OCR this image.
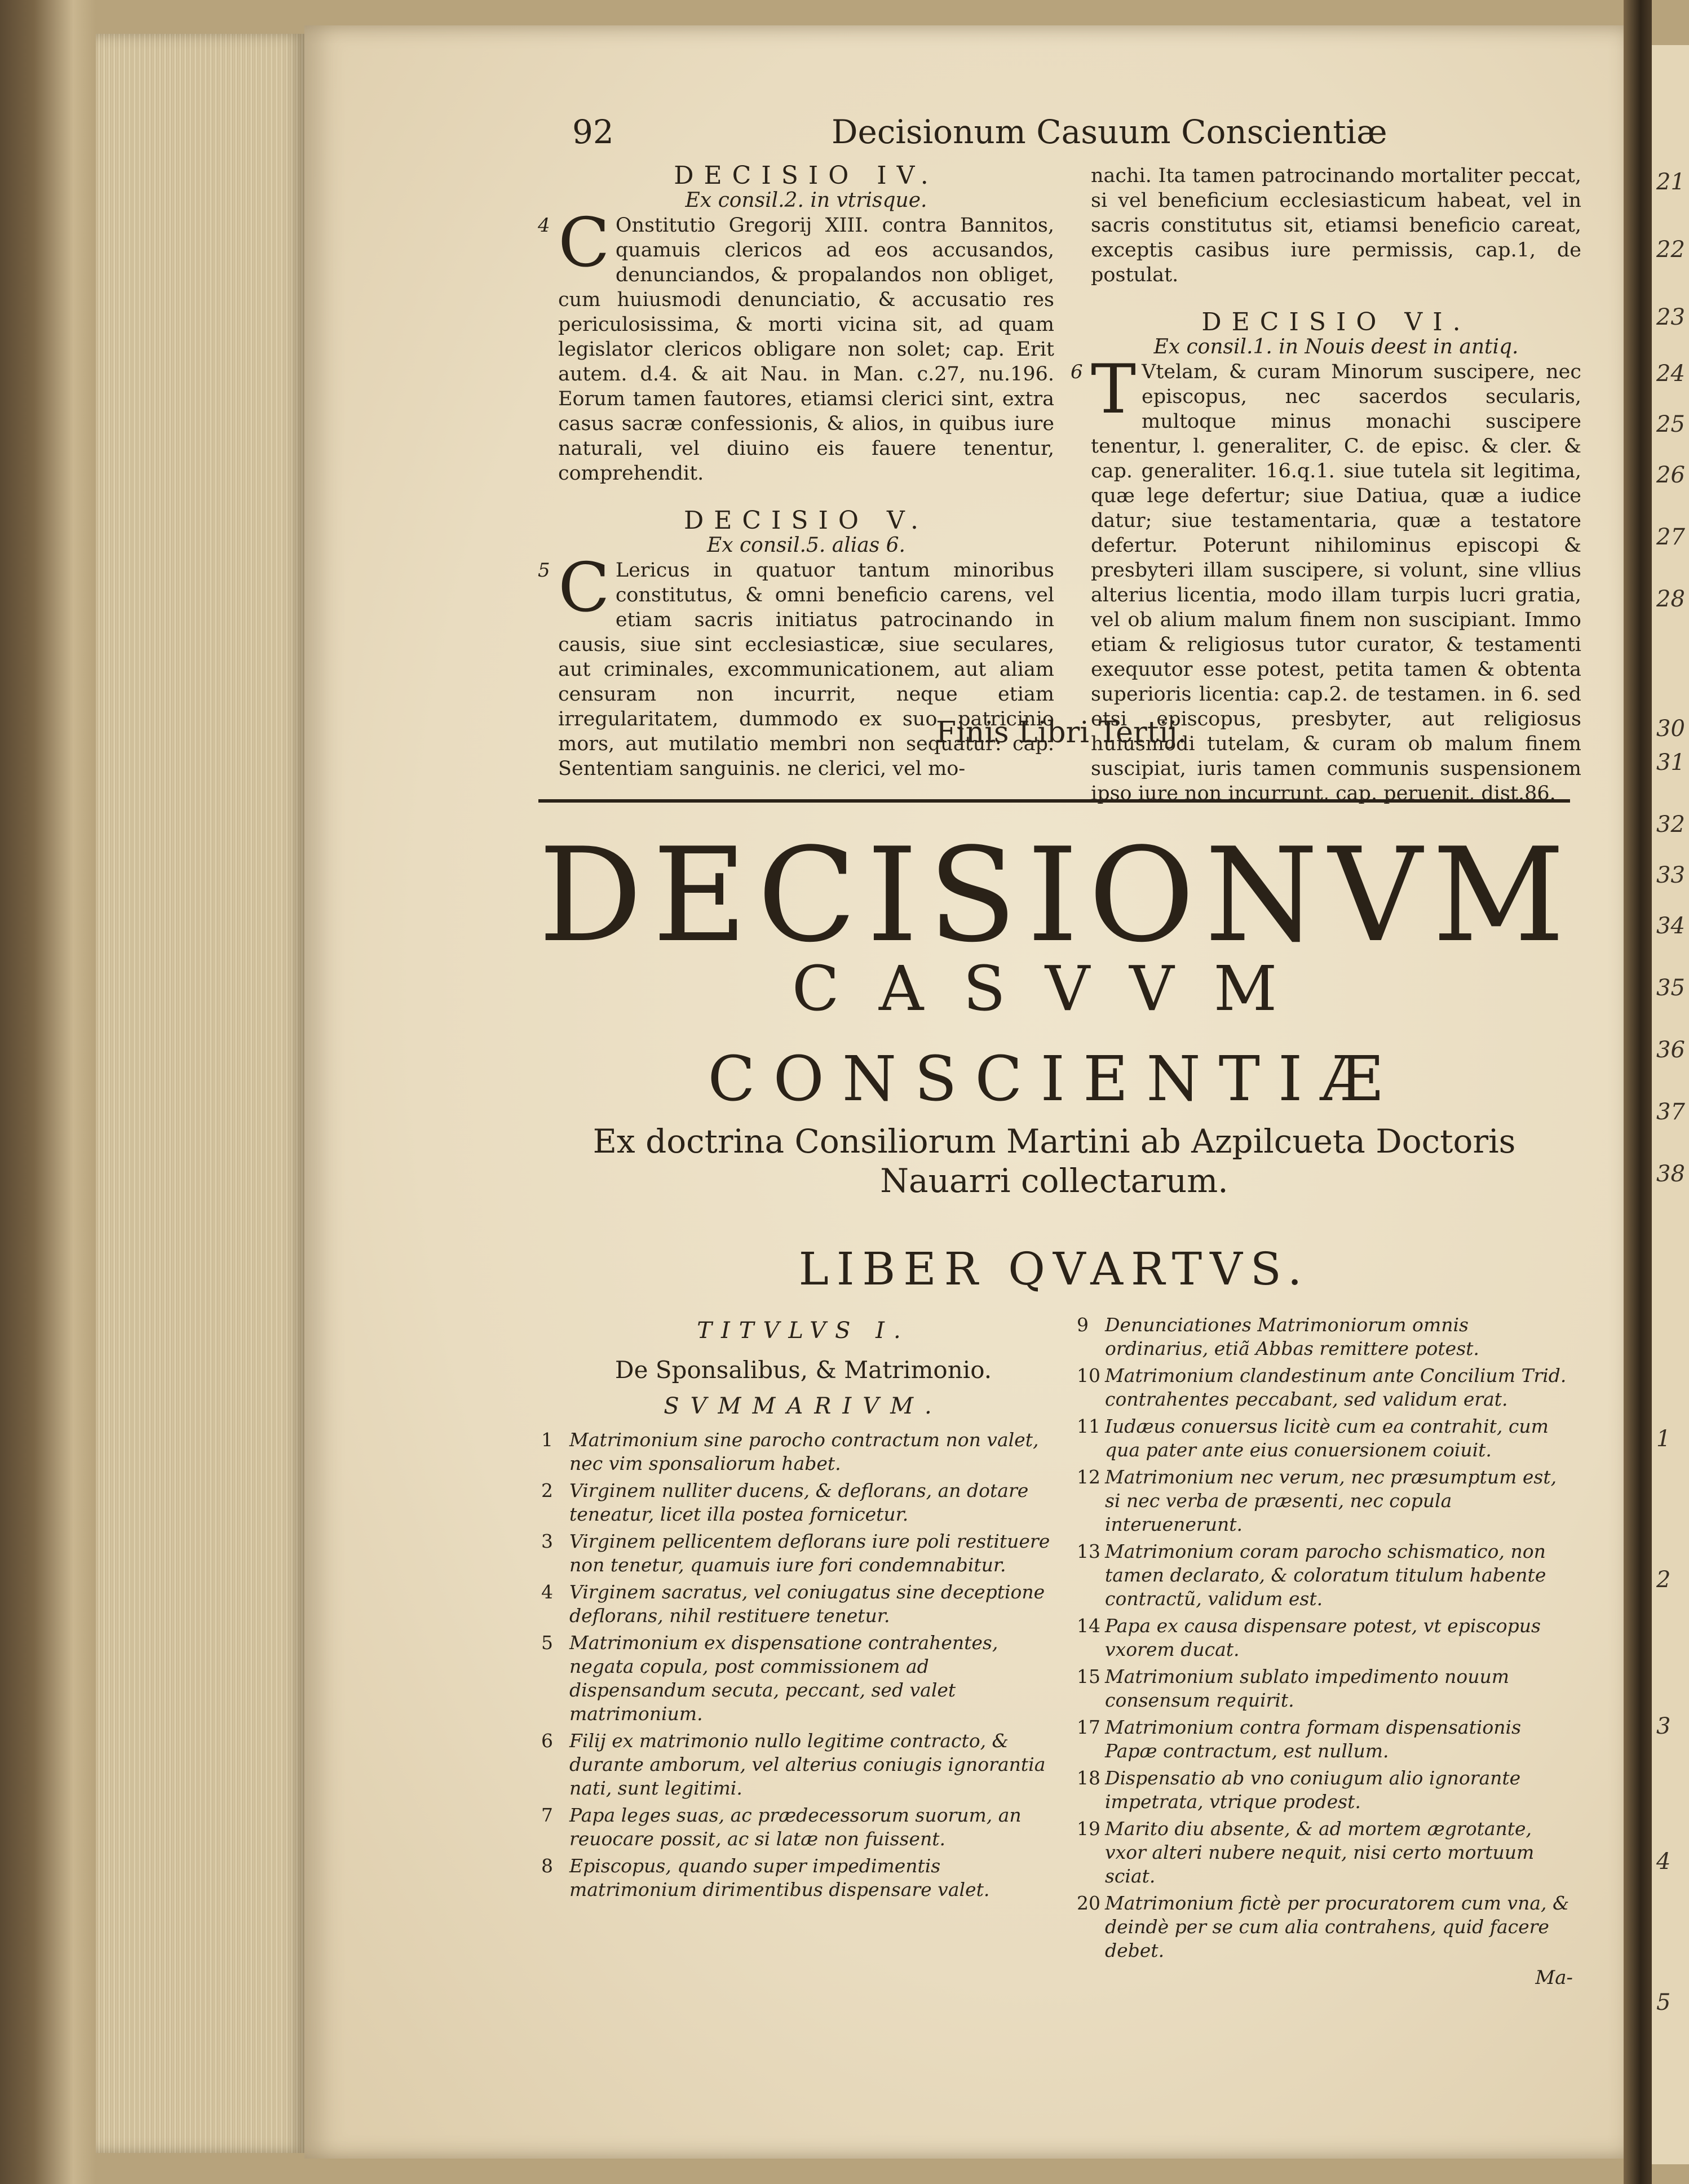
21
22
23
24
25
26
27
28
30
31
32
33
34
35
36
37
38
1
2
3
4
5
92	Decisionum Casuum Conscientiæ

DECISIO IV.

Ex consil.2. in vtrisque.

4 C Onstitutio Gregorij XIII. contra Bannitos, quamuis clericos ad eos accusandos, denunciandos, & propalandos non obliget, cum huiusmodi denunciatio, & accusatio res periculosissima, & morti vicina sit, ad quam legislator clericos obligare non solet; cap. Erit autem. d.4. & ait Nau. in Man. c.27, nu.196. Eorum tamen fautores, etiamsi clerici sint, extra casus sacræ confessionis, & alios, in quibus iure naturali, vel diuino eis fauere tenentur, comprehendit.

DECISIO V.

Ex consil.5. alias 6.

5 C Lericus in quatuor tantum minoribus constitutus, & omni beneficio carens, vel etiam sacris initiatus patrocinando in causis, siue sint ecclesiasticæ, siue seculares, aut criminales, excommunicationem, aut aliam censuram non incurrit, neque etiam irregularitatem, dummodo ex suo patricinio mors, aut mutilatio membri non sequatur: cap. Sententiam sanguinis. ne clerici, vel mo-

nachi. Ita tamen patrocinando mortaliter peccat, si vel beneficium ecclesiasticum habeat, vel in sacris constitutus sit, etiamsi beneficio careat, exceptis casibus iure permissis, cap.1, de postulat.

DECISIO VI.

Ex consil.1. in Nouis deest in antiq.

6 T Vtelam, & curam Minorum suscipere, nec episcopus, nec sacerdos secularis, multoque minus monachi suscipere tenentur, l. generaliter, C. de episc. & cler. & cap. generaliter. 16.q.1. siue tutela sit legitima, quæ lege defertur; siue Datiua, quæ a iudice datur; siue testamentaria, quæ a testatore defertur. Poterunt nihilominus episcopi & presbyteri illam suscipere, si volunt, sine vllius alterius licentia, modo illam turpis lucri gratia, vel ob alium malum finem non suscipiant. Immo etiam & religiosus tutor curator, & testamenti exequutor esse potest, petita tamen & obtenta superioris licentia: cap.2. de testamen. in 6. sed etsi episcopus, presbyter, aut religiosus huiusmodi tutelam, & curam ob malum finem suscipiat, iuris tamen communis suspensionem ipso iure non incurrunt, cap. peruenit, dist.86.

Finis Libri Tertij.
DECISIONVM
CASVVM
CONSCIENTIÆ
Ex doctrina Consiliorum Martini ab Azpilcueta Doctoris Nauarri collectarum.
LIBER QVARTVS.

TITVLVS I.

De Sponsalibus, & Matrimonio.

SVMMARIVM.

1 Matrimonium sine parocho contractum non valet, nec vim sponsaliorum habet.
2 Virginem nulliter ducens, & deflorans, an dotare teneatur, licet illa postea fornicetur.
3 Virginem pellicentem deflorans iure poli restituere non tenetur, quamuis iure fori condemnabitur.
4 Virginem sacratus, vel coniugatus sine deceptione deflorans, nihil restituere tenetur.
5 Matrimonium ex dispensatione contrahentes, negata copula, post commissionem ad dispensandum secuta, peccant, sed valet matrimonium.
6 Filij ex matrimonio nullo legitime contracto, & durante amborum, vel alterius coniugis ignorantia nati, sunt legitimi.
7 Papa leges suas, ac prædecessorum suorum, an reuocare possit, ac si latæ non fuissent.
8 Episcopus, quando super impedimentis matrimonium dirimentibus dispensare valet.
9 Denunciationes Matrimoniorum omnis ordinarius, etiã Abbas remittere potest.
10 Matrimonium clandestinum ante Concilium Trid. contrahentes peccabant, sed validum erat.
11 Iudæus conuersus licitè cum ea contrahit, cum qua pater ante eius conuersionem coiuit.
12 Matrimonium nec verum, nec præsumptum est, si nec verba de præsenti, nec copula interuenerunt.
13 Matrimonium coram parocho schismatico, non tamen declarato, & coloratum titulum habente contractũ, validum est.
14 Papa ex causa dispensare potest, vt episcopus vxorem ducat.
15 Matrimonium sublato impedimento nouum consensum requirit.
17 Matrimonium contra formam dispensationis Papæ contractum, est nullum.
18 Dispensatio ab vno coniugum alio ignorante impetrata, vtrique prodest.
19 Marito diu absente, & ad mortem ægrotante, vxor alteri nubere nequit, nisi certo mortuum sciat.
20 Matrimonium fictè per procuratorem cum vna, & deindè per se cum alia contrahens, quid facere debet.
Ma-
